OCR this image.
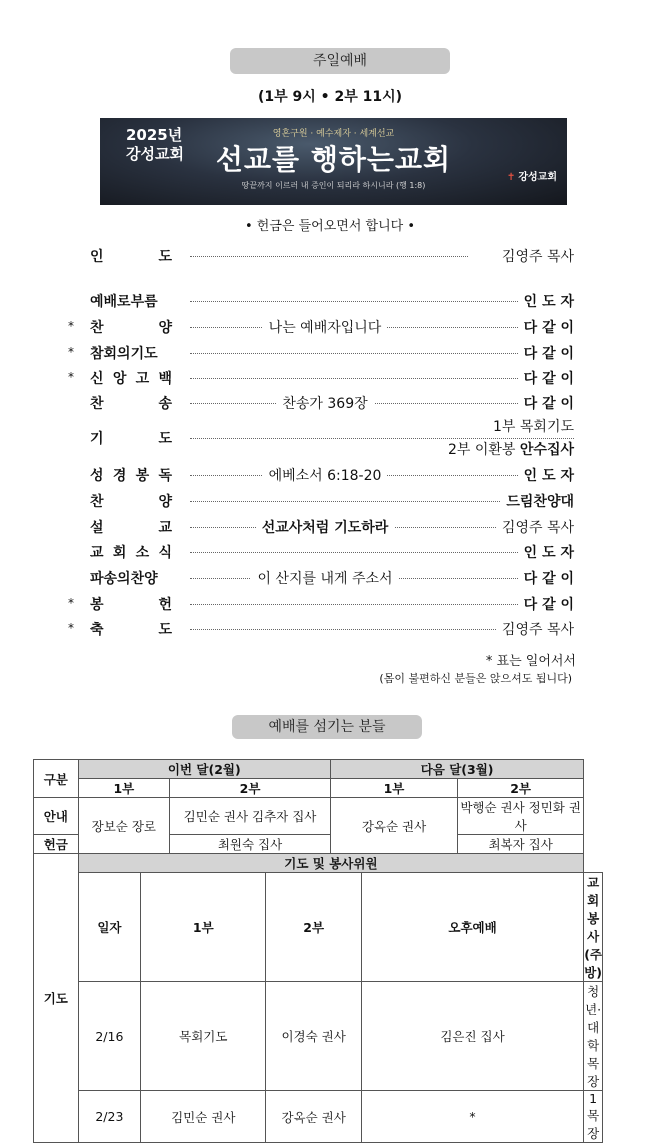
주일예배
(1부 9시 • 2부 11시)
2025년
강성교회
영혼구원 · 예수제자 · 세계선교
선교를 행하는교회
땅끝까지 이르러 내 증인이 되리라 하시니라 (행 1:8)
✝ 강성교회
• 헌금은 들어오면서 합니다 •
인 도	김영주 목사
예배로부름	인 도 자
* 찬 양	나는 예배자입니다	다 같 이
* 참회의기도	다 같 이
* 신 앙 고 백	다 같 이
찬 송	찬송가 369장	다 같 이
기 도
1부 목회기도
2부 이환봉 안수집사
성 경 봉 독	에베소서 6:18-20	인 도 자
찬 양	드림찬양대
설 교	선교사처럼 기도하라	김영주 목사
교 회 소 식	인 도 자
파송의찬양	이 산지를 내게 주소서	다 같 이
* 봉 헌	다 같 이
* 축 도	김영주 목사
* 표는 일어서서
(몸이 불편하신 분들은 앉으셔도 됩니다)
예배를 섬기는 분들
구분	이번 달(2월)				다음 달(3월)			
	1부		2부		1부		2부	
안내	장보순 장로		김민순 권사 김추자 집사		강옥순 권사		박행순 권사 정민화 권사	
헌금			최원숙 집사				최복자 집사	
기도	기도 및 봉사위원							
	일자	1부		2부		오후예배		교회봉사(주방)
	2/16	목회기도		이경숙 권사		김은진 집사		청년·대학목장
	2/23	김민순 권사		강옥순 권사		*		1목장
